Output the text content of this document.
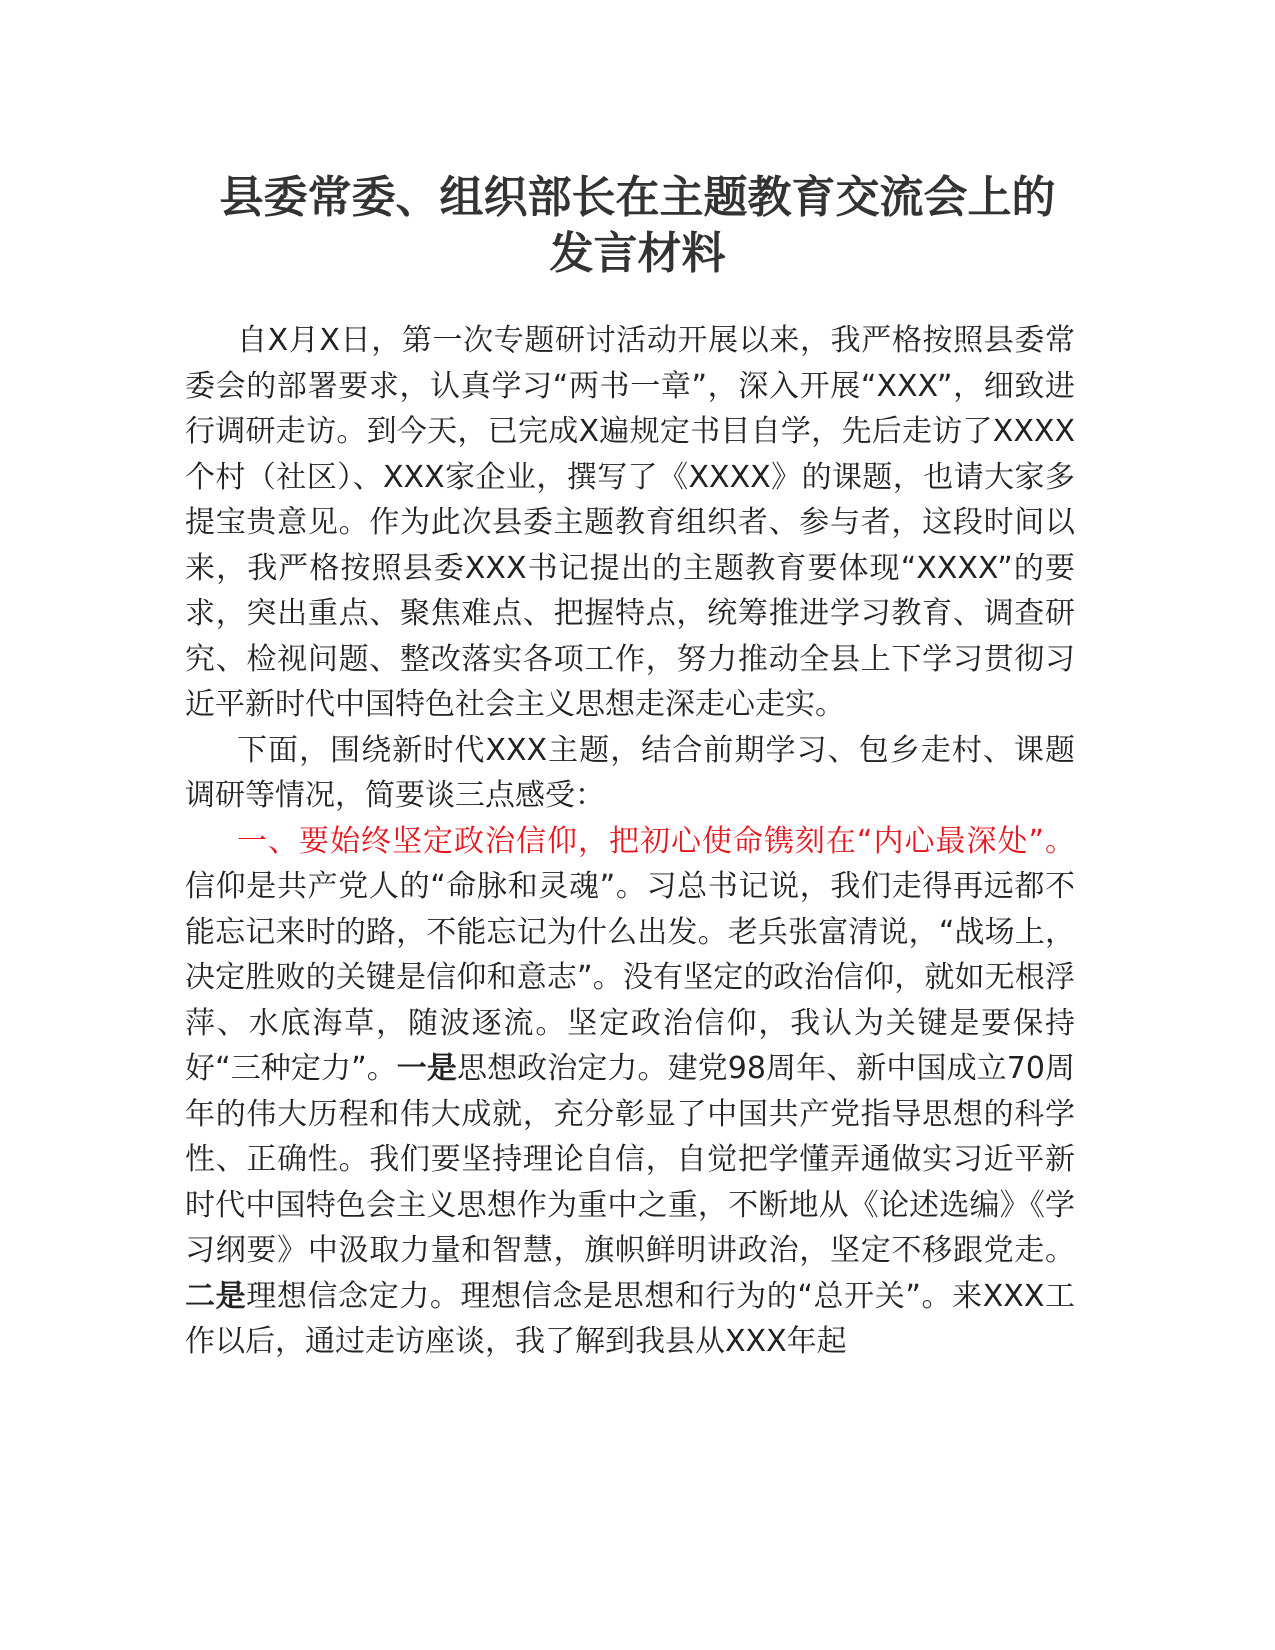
县委常委、组织部长在主题教育交流会上的
发言材料

自X月X日，第一次专题研讨活动开展以来，我严格按照县委常委会的部署要求，认真学习“两书一章”，深入开展“XXX”，细致进行调研走访。到今天，已完成X遍规定书目自学，先后走访了XXXX个村（社区）、XXX家企业，撰写了《XXXX》的课题，也请大家多提宝贵意见。作为此次县委主题教育组织者、参与者，这段时间以来，我严格按照县委XXX书记提出的主题教育要体现“XXXX”的要求，突出重点、聚焦难点、把握特点，统筹推进学习教育、调查研究、检视问题、整改落实各项工作，努力推动全县上下学习贯彻习近平新时代中国特色社会主义思想走深走心走实。

下面，围绕新时代XXX主题，结合前期学习、包乡走村、课题调研等情况，简要谈三点感受：

一、要始终坚定政治信仰，把初心使命镌刻在“内心最深处”。信仰是共产党人的“命脉和灵魂”。习总书记说，我们走得再远都不能忘记来时的路，不能忘记为什么出发。老兵张富清说，“战场上，决定胜败的关键是信仰和意志”。没有坚定的政治信仰，就如无根浮萍、水底海草，随波逐流。坚定政治信仰，我认为关键是要保持好“三种定力”。一是思想政治定力。建党98周年、新中国成立70周年的伟大历程和伟大成就，充分彰显了中国共产党指导思想的科学性、正确性。我们要坚持理论自信，自觉把学懂弄通做实习近平新时代中国特色会主义思想作为重中之重，不断地从《论述选编》《学习纲要》中汲取力量和智慧，旗帜鲜明讲政治，坚定不移跟党走。二是理想信念定力。理想信念是思想和行为的“总开关”。来XXX工作以后，通过走访座谈，我了解到我县从XXX年起
